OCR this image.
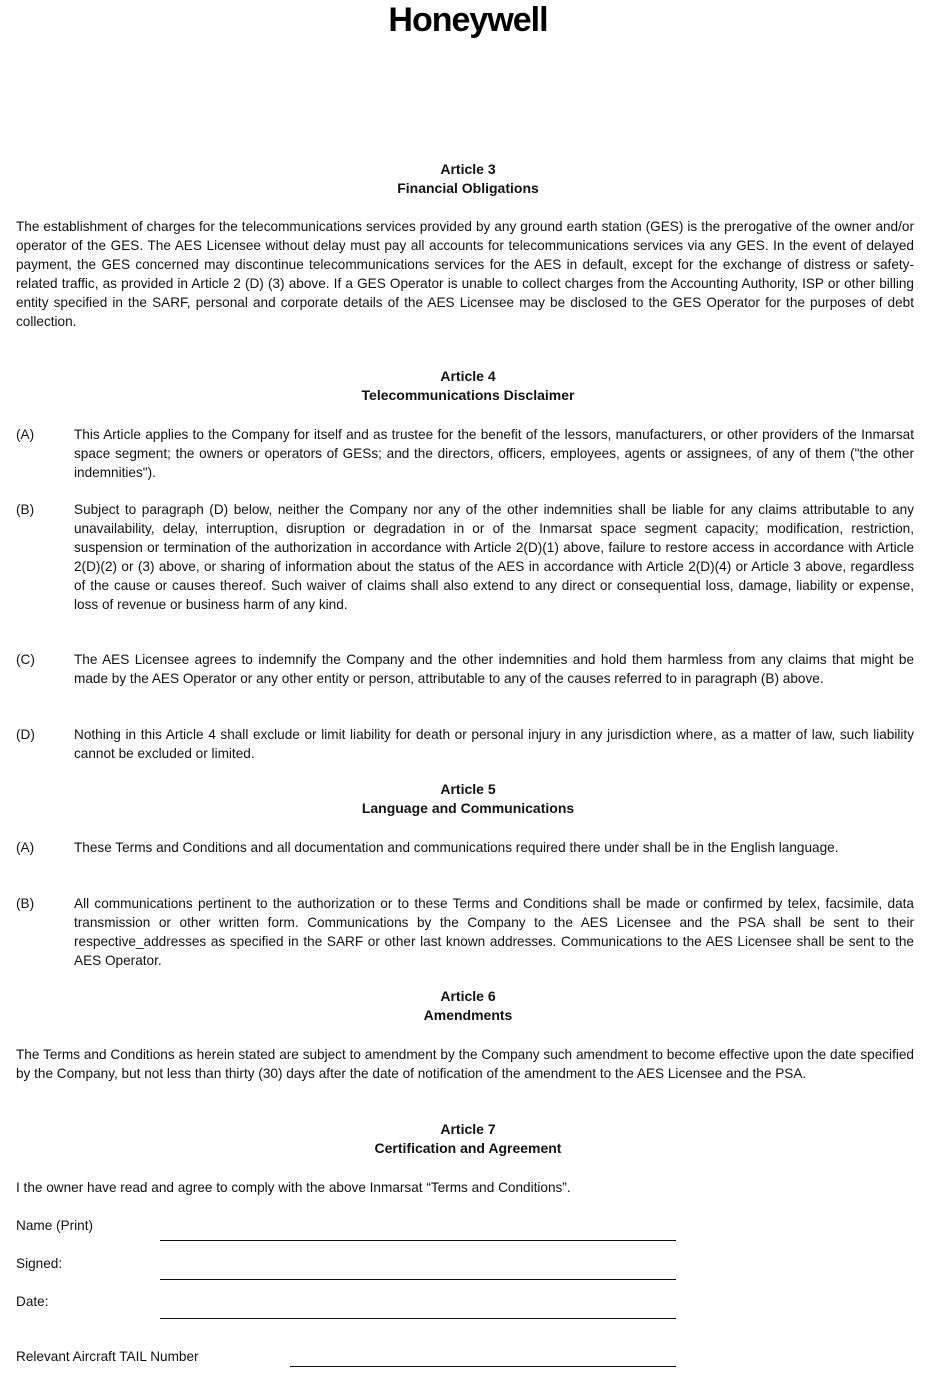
Honeywell
Article 3
Financial Obligations
The establishment of charges for the telecommunications services provided by any ground earth station (GES) is the prerogative of the owner and/or operator of the GES. The AES Licensee without delay must pay all accounts for telecommunications services via any GES. In the event of delayed payment, the GES concerned may discontinue telecommunications services for the AES in default, except for the exchange of distress or safety-related traffic, as provided in Article 2 (D) (3) above. If a GES Operator is unable to collect charges from the Accounting Authority, ISP or other billing entity specified in the SARF, personal and corporate details of the AES Licensee may be disclosed to the GES Operator for the purposes of debt collection.
Article 4
Telecommunications Disclaimer
(A)	This Article applies to the Company for itself and as trustee for the benefit of the lessors, manufacturers, or other providers of the Inmarsat space segment; the owners or operators of GESs; and the directors, officers, employees, agents or assignees, of any of them ("the other indemnities").
(B)	Subject to paragraph (D) below, neither the Company nor any of the other indemnities shall be liable for any claims attributable to any unavailability, delay, interruption, disruption or degradation in or of the Inmarsat space segment capacity; modification, restriction, suspension or termination of the authorization in accordance with Article 2(D)(1) above, failure to restore access in accordance with Article 2(D)(2) or (3) above, or sharing of information about the status of the AES in accordance with Article 2(D)(4) or Article 3 above, regardless of the cause or causes thereof. Such waiver of claims shall also extend to any direct or consequential loss, damage, liability or expense, loss of revenue or business harm of any kind.
(C)	The AES Licensee agrees to indemnify the Company and the other indemnities and hold them harmless from any claims that might be made by the AES Operator or any other entity or person, attributable to any of the causes referred to in paragraph (B) above.
(D)	Nothing in this Article 4 shall exclude or limit liability for death or personal injury in any jurisdiction where, as a matter of law, such liability cannot be excluded or limited.
Article 5
Language and Communications
(A)	These Terms and Conditions and all documentation and communications required there under shall be in the English language.
(B)	All communications pertinent to the authorization or to these Terms and Conditions shall be made or confirmed by telex, facsimile, data transmission or other written form. Communications by the Company to the AES Licensee and the PSA shall be sent to their respective_addresses as specified in the SARF or other last known addresses. Communications to the AES Licensee shall be sent to the AES Operator.
Article 6
Amendments
The Terms and Conditions as herein stated are subject to amendment by the Company such amendment to become effective upon the date specified by the Company, but not less than thirty (30) days after the date of notification of the amendment to the AES Licensee and the PSA.
Article 7
Certification and Agreement
I the owner have read and agree to comply with the above Inmarsat “Terms and Conditions”.
Name (Print)
Signed:
Date:
Relevant Aircraft TAIL Number
